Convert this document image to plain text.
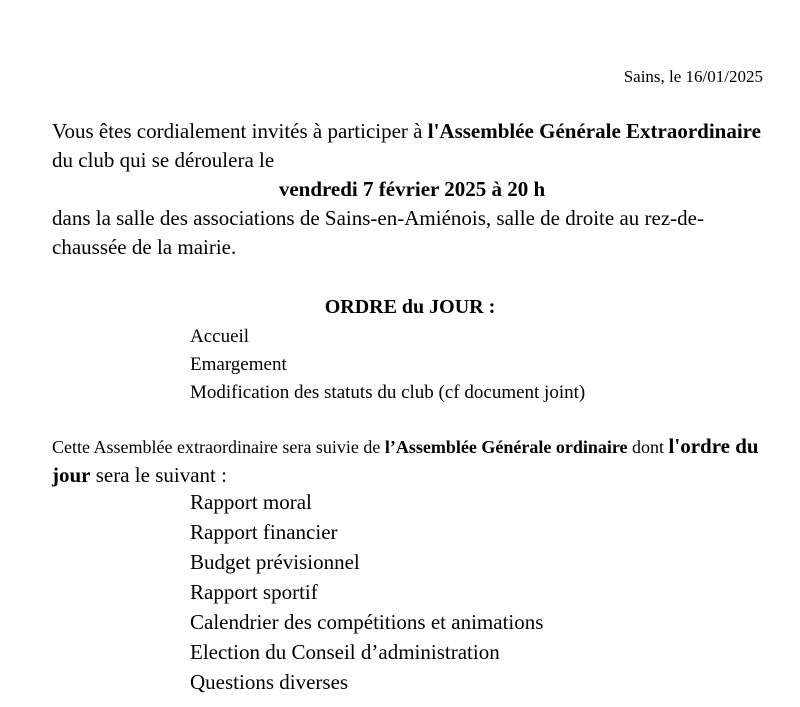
Sains, le 16/01/2025

Vous êtes cordialement invités à participer à l'Assemblée Générale Extraordinaire du club qui se déroulera le

vendredi 7 février 2025 à 20 h

dans la salle des associations de Sains-en-Amiénois, salle de droite au rez-de-chaussée de la mairie.

ORDRE du JOUR :
Accueil
Emargement
Modification des statuts du club (cf document joint)

Cette Assemblée extraordinaire sera suivie de l’Assemblée Générale ordinaire dont l'ordre du jour sera le suivant :

Rapport moral
Rapport financier
Budget prévisionnel
Rapport sportif
Calendrier des compétitions et animations
Election du Conseil d’administration
Questions diverses
